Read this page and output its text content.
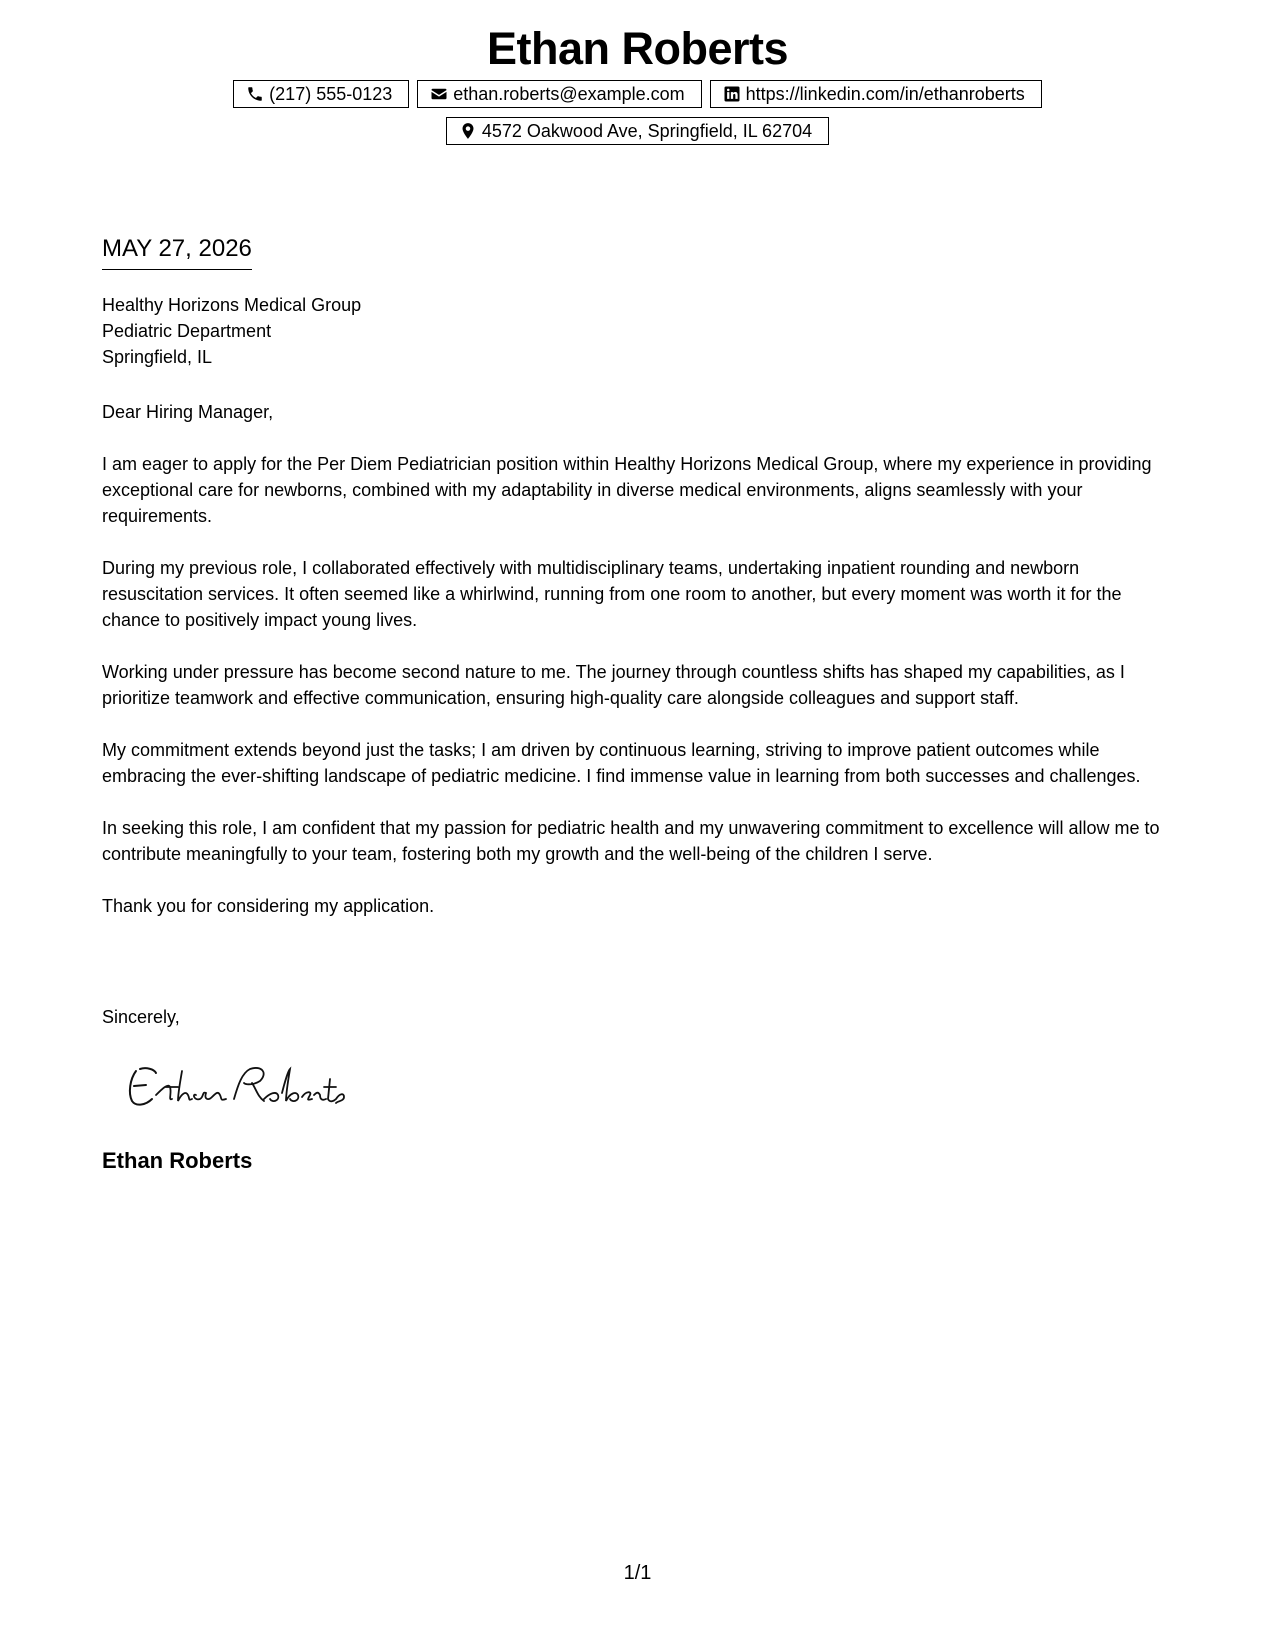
Ethan Roberts
(217) 555-0123	ethan.roberts@example.com	https://linkedin.com/in/ethanroberts
4572 Oakwood Ave, Springfield, IL 62704
MAY 27, 2026
Healthy Horizons Medical Group
Pediatric Department
Springfield, IL

Dear Hiring Manager,

I am eager to apply for the Per Diem Pediatrician position within Healthy Horizons Medical Group, where my experience in providing exceptional care for newborns, combined with my adaptability in diverse medical environments, aligns seamlessly with your requirements.

During my previous role, I collaborated effectively with multidisciplinary teams, undertaking inpatient rounding and newborn resuscitation services. It often seemed like a whirlwind, running from one room to another, but every moment was worth it for the chance to positively impact young lives.

Working under pressure has become second nature to me. The journey through countless shifts has shaped my capabilities, as I prioritize teamwork and effective communication, ensuring high-quality care alongside colleagues and support staff.

My commitment extends beyond just the tasks; I am driven by continuous learning, striving to improve patient outcomes while embracing the ever-shifting landscape of pediatric medicine. I find immense value in learning from both successes and challenges.

In seeking this role, I am confident that my passion for pediatric health and my unwavering commitment to excellence will allow me to contribute meaningfully to your team, fostering both my growth and the well-being of the children I serve.

Thank you for considering my application.

Sincerely,
Ethan Roberts
1/1
